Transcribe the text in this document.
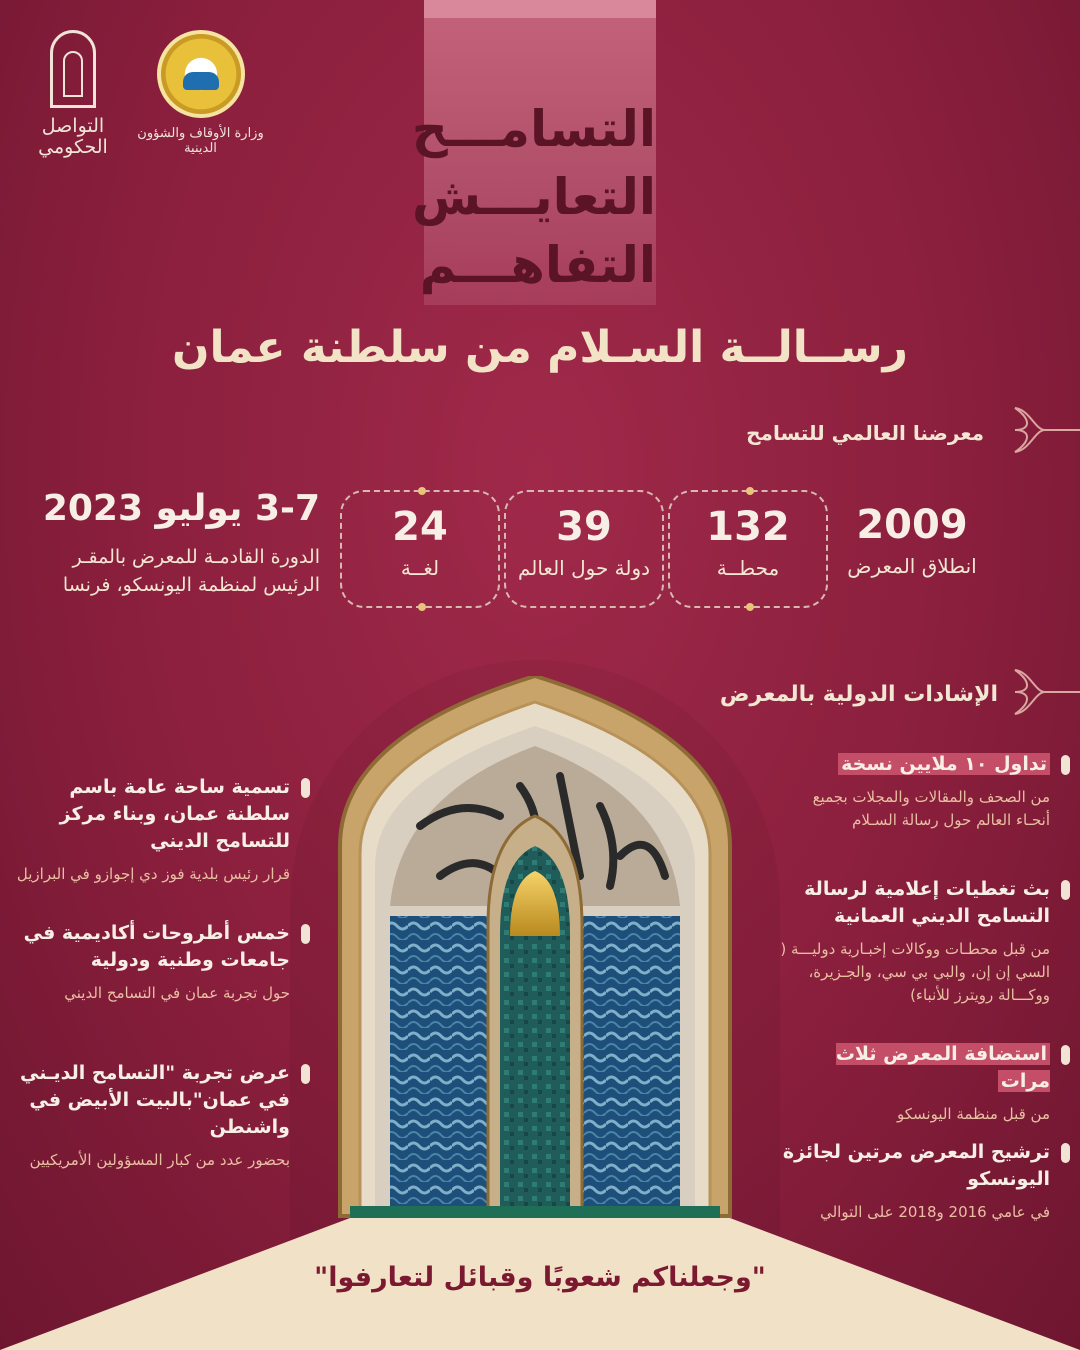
التواصل الحكومي
وزارة الأوقاف والشؤون الدينية	التسامـــح
التعايـــش
التفاهـــم
رســالــة السـلام من سلطنة عمان
معرضنا العالمي للتسامح
2009
انطلاق المعرض
132
محطــة
39
دولة حول العالم
24
لغــة
3-7 يوليو 2023
الدورة القادمـة للمعرض بالمقـر الرئيس لمنظمة اليونسكو، فرنسا
الإشادات الدولية بالمعرض
تداول ١٠ ملايين نسخة
من الصحف والمقالات والمجلات بجميع أنحـاء العالم حول رسالة السـلام
بث تغطيات إعلامية لرسالة التسامح الديني العمانية
من قبل محطـات ووكالات إخبـارية دوليـــة ( السي إن إن، والبي بي سي، والجـزيرة، ووكـــالة رويترز للأنباء)
استضافة المعرض ثلاث مرات
من قبل منظمة اليونسكو
ترشيح المعرض مرتين لجائزة اليونسكو
في عامي 2016 و2018 على التوالي
تسمية ساحة عامة باسم سلطنة عمان، وبناء مركز للتسامح الديني
قرار رئيس بلدية فوز دي إجوازو في البرازيل
خمس أطروحات أكاديمية في جامعات وطنية ودولية
حول تجربة عمان في التسامح الديني
عرض تجربة "التسامح الديـني في عمان"بالبيت الأبيض في واشنطن
بحضور عدد من كبار المسؤولين الأمريكيين
"وجعلناكم شعوبًا وقبائل لتعارفوا"
